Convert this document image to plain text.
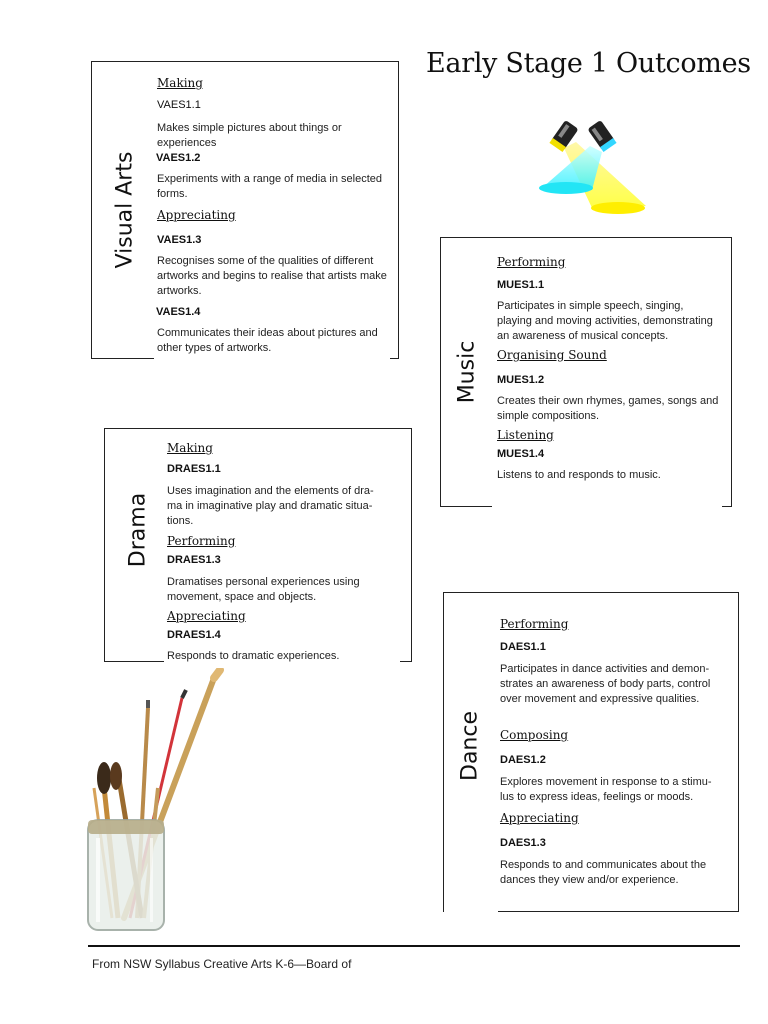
Early Stage 1 Outcomes
Visual Arts
Making
VAES1.1
Makes simple pictures about things or experiences
VAES1.2
Experiments with a range of media in selected forms.
Appreciating
VAES1.3
Recognises some of the qualities of different artworks and begins to realise that artists make artworks.
VAES1.4
Communicates their ideas about pictures and other types of artworks.	Music
Performing
MUES1.1
Participates in simple speech, singing, playing and moving activities, demonstrating an awareness of musical concepts.
Organising Sound
MUES1.2
Creates their own rhymes, games, songs and simple compositions.
Listening
MUES1.4
Listens to and responds to music.
Drama
Making
DRAES1.1
Uses imagination and the elements of dra-
ma in imaginative play and dramatic situa-
tions.
Performing
DRAES1.3
Dramatises personal experiences using movement, space and objects.
Appreciating
DRAES1.4
Responds to dramatic experiences.
Dance
Performing
DAES1.1
Participates in dance activities and demon-
strates an awareness of body parts, control
over movement and expressive qualities.
Composing
DAES1.2
Explores movement in response to a stimu-
lus to express ideas, feelings or moods.
Appreciating
DAES1.3
Responds to and communicates about the dances they view and/or experience.
From NSW Syllabus Creative Arts K-6—Board of
